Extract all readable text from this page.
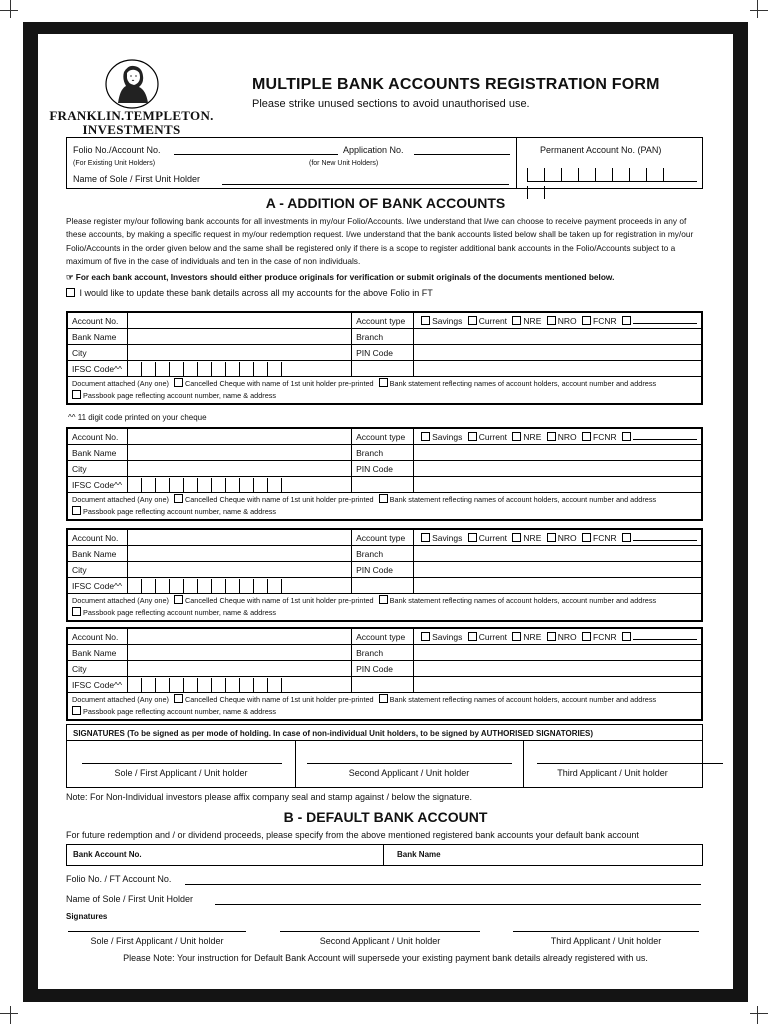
FRANKLIN.TEMPLETON.
INVESTMENTS
MULTIPLE BANK ACCOUNTS REGISTRATION FORM
Please strike unused sections to avoid unauthorised use.
Folio No./Account No.	Application No.
(For Existing Unit Holders)	(for New Unit Holders)
Name of Sole / First Unit Holder
Permanent Account No. (PAN)
A - ADDITION OF BANK ACCOUNTS
Please register my/our following bank accounts for all investments in my/our Folio/Accounts. I/we understand that I/we can choose to receive payment proceeds in any of these accounts, by making a specific request in my/our redemption request. I/we understand that the bank accounts listed below shall be taken up for registration in my/our Folio/Accounts in the order given below and the same shall be registered only if there is a scope to register additional bank accounts in the Folio/Accounts subject to a maximum of five in the case of individuals and ten in the case of non individuals.
☞ For each bank account, Investors should either produce originals for verification or submit originals of the documents mentioned below.
I would like to update these bank details across all my accounts for the above Folio in FT
Account No.		Account type	Savings Current NRE NRO FCNR
Bank Name		Branch	
City		PIN Code	
IFSC Code^^			
Document attached (Any one) Cancelled Cheque with name of 1st unit holder pre-printed Bank statement reflecting names of account holders, account number and address
Passbook page reflecting account number, name & address			
Account No.		Account type	Savings Current NRE NRO FCNR
Bank Name		Branch	
City		PIN Code	
IFSC Code^^			
Document attached (Any one) Cancelled Cheque with name of 1st unit holder pre-printed Bank statement reflecting names of account holders, account number and address
Passbook page reflecting account number, name & address			
Account No.		Account type	Savings Current NRE NRO FCNR
Bank Name		Branch	
City		PIN Code	
IFSC Code^^			
Document attached (Any one) Cancelled Cheque with name of 1st unit holder pre-printed Bank statement reflecting names of account holders, account number and address
Passbook page reflecting account number, name & address			
Account No.		Account type	Savings Current NRE NRO FCNR
Bank Name		Branch	
City		PIN Code	
IFSC Code^^			
Document attached (Any one) Cancelled Cheque with name of 1st unit holder pre-printed Bank statement reflecting names of account holders, account number and address
Passbook page reflecting account number, name & address			
^^ 11 digit code printed on your cheque
SIGNATURES (To be signed as per mode of holding. In case of non-individual Unit holders, to be signed by AUTHORISED SIGNATORIES)
Sole / First Applicant / Unit holder	Second Applicant / Unit holder	Third Applicant / Unit holder
Note: For Non-Individual investors please affix company seal and stamp against / below the signature.
B - DEFAULT BANK ACCOUNT
For future redemption and / or dividend proceeds, please specify from the above mentioned registered bank accounts your default bank account
Bank Account No.	Bank Name
Folio No. / FT Account No.
Name of Sole / First Unit Holder
Signatures
Sole / First Applicant / Unit holder	Second Applicant / Unit holder	Third Applicant / Unit holder
Please Note: Your instruction for Default Bank Account will supersede your existing payment bank details already registered with us.
